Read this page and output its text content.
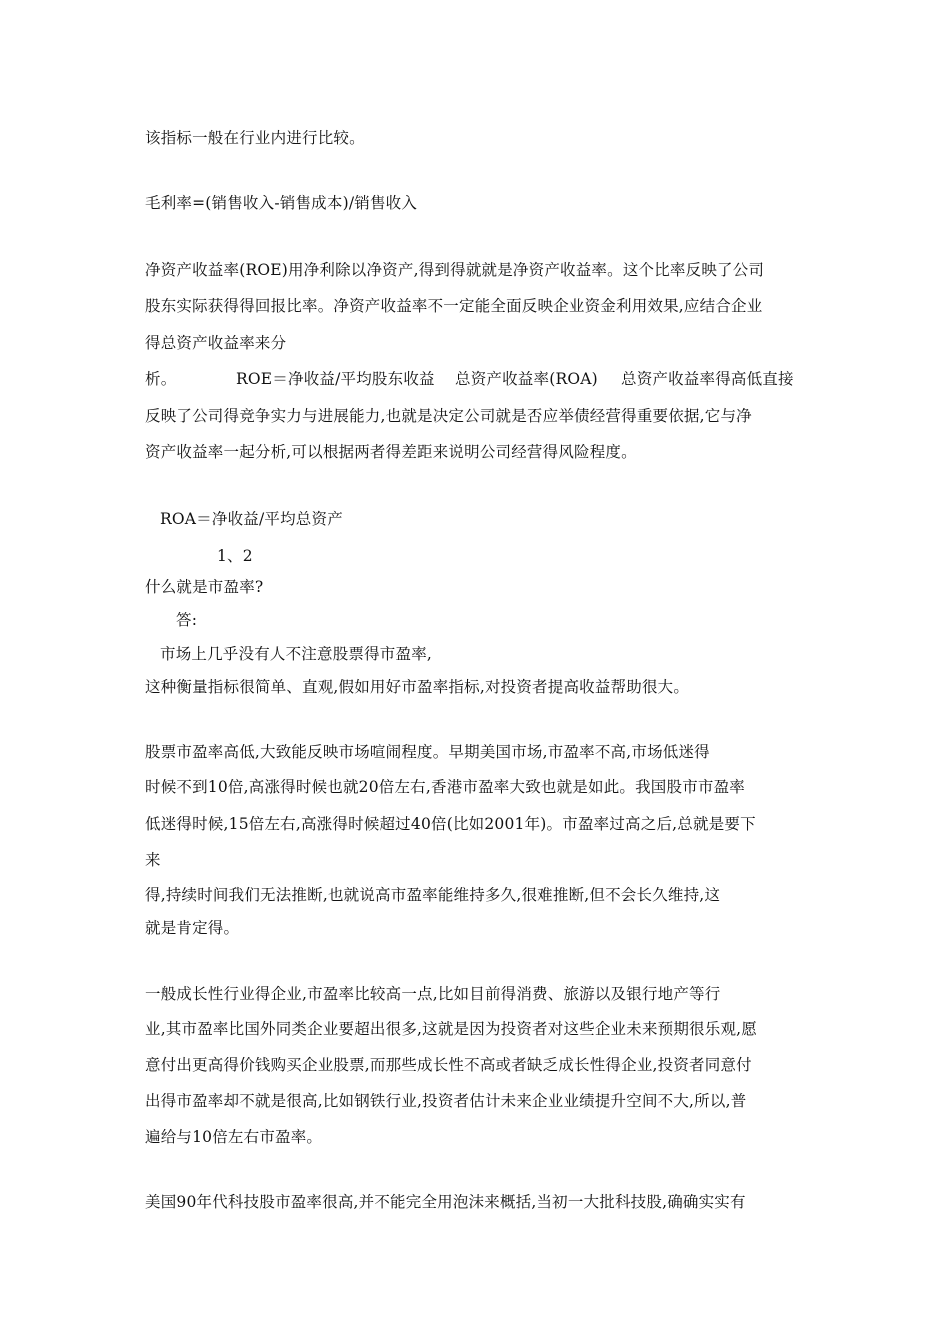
该指标一般在行业内进行比较。
毛利率=(销售收入-销售成本)/销售收入
净资产收益率(ROE)用净利除以净资产,得到得就就是净资产收益率。这个比率反映了公司
股东实际获得得回报比率。净资产收益率不一定能全面反映企业资金利用效果,应结合企业
得总资产收益率来分
析。	ROE＝净收益/平均股东收益 总资产收益率(ROA) 总资产收益率得高低直接
反映了公司得竞争实力与进展能力,也就是决定公司就是否应举债经营得重要依据,它与净
资产收益率一起分析,可以根据两者得差距来说明公司经营得风险程度。
ROA＝净收益/平均总资产
1、2
什么就是市盈率?
答:
市场上几乎没有人不注意股票得市盈率,
这种衡量指标很简单、直观,假如用好市盈率指标,对投资者提高收益帮助很大。
股票市盈率高低,大致能反映市场喧闹程度。早期美国市场,市盈率不高,市场低迷得
时候不到10倍,高涨得时候也就20倍左右,香港市盈率大致也就是如此。我国股市市盈率
低迷得时候,15倍左右,高涨得时候超过40倍(比如2001年)。市盈率过高之后,总就是要下
来
得,持续时间我们无法推断,也就说高市盈率能维持多久,很难推断,但不会长久维持,这
就是肯定得。
一般成长性行业得企业,市盈率比较高一点,比如目前得消费、旅游以及银行地产等行
业,其市盈率比国外同类企业要超出很多,这就是因为投资者对这些企业未来预期很乐观,愿
意付出更高得价钱购买企业股票,而那些成长性不高或者缺乏成长性得企业,投资者同意付
出得市盈率却不就是很高,比如钢铁行业,投资者估计未来企业业绩提升空间不大,所以,普
遍给与10倍左右市盈率。
美国90年代科技股市盈率很高,并不能完全用泡沫来概括,当初一大批科技股,确确实实有
